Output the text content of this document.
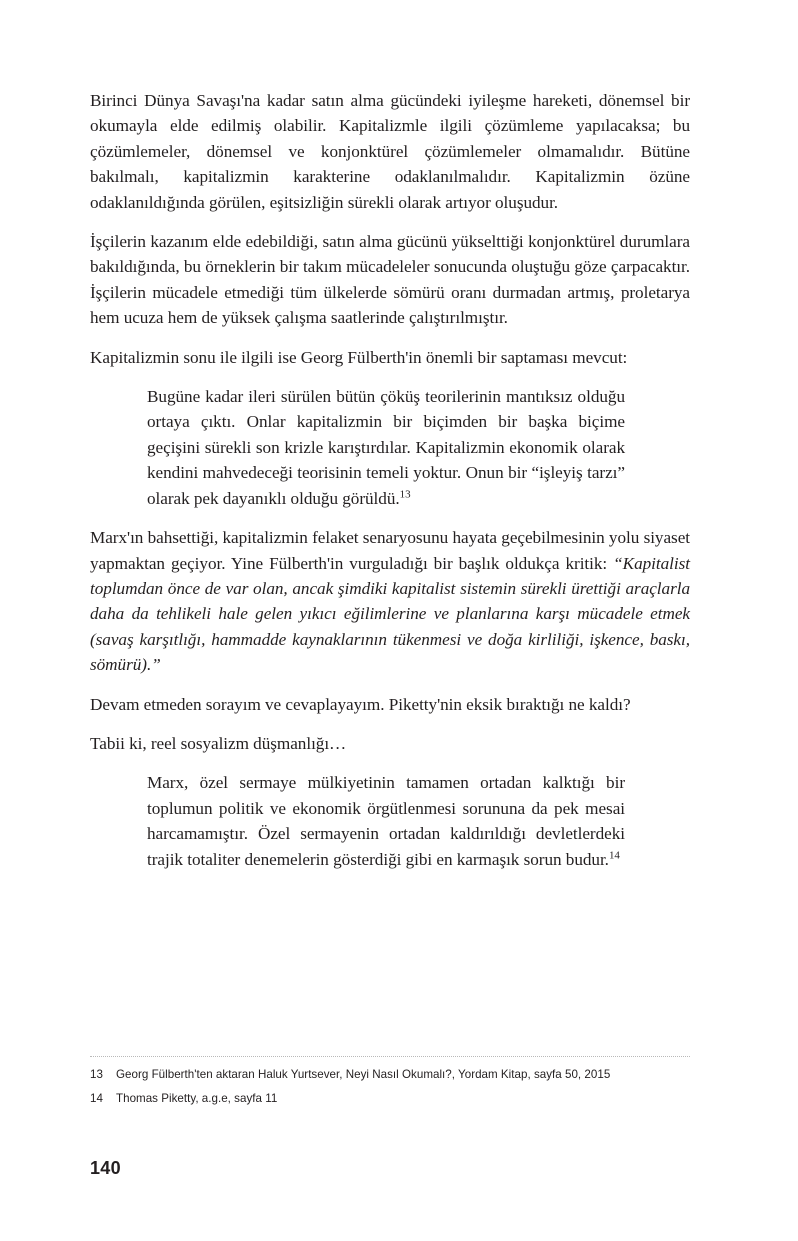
Birinci Dünya Savaşı'na kadar satın alma gücündeki iyileşme hareketi, dönemsel bir okumayla elde edilmiş olabilir. Kapitalizmle ilgili çözümleme yapılacaksa; bu çözümlemeler, dönemsel ve konjonktürel çözümlemeler olmamalıdır. Bütüne bakılmalı, kapitalizmin karakterine odaklanılmalıdır. Kapitalizmin özüne odaklanıldığında görülen, eşitsizliğin sürekli olarak artıyor oluşudur.

İşçilerin kazanım elde edebildiği, satın alma gücünü yükselttiği konjonktürel durumlara bakıldığında, bu örneklerin bir takım mücadeleler sonucunda oluştuğu göze çarpacaktır. İşçilerin mücadele etmediği tüm ülkelerde sömürü oranı durmadan artmış, proletarya hem ucuza hem de yüksek çalışma saatlerinde çalıştırılmıştır.

Kapitalizmin sonu ile ilgili ise Georg Fülberth'in önemli bir saptaması mevcut:

Bugüne kadar ileri sürülen bütün çöküş teorilerinin mantıksız olduğu ortaya çıktı. Onlar kapitalizmin bir biçimden bir başka biçime geçişini sürekli son krizle karıştırdılar. Kapitalizmin ekonomik olarak kendini mahvedeceği teorisinin temeli yoktur. Onun bir “işleyiş tarzı” olarak pek dayanıklı olduğu görüldü.$^{13}$

Marx'ın bahsettiği, kapitalizmin felaket senaryosunu hayata geçebilmesinin yolu siyaset yapmaktan geçiyor. Yine Fülberth'in vurguladığı bir başlık oldukça kritik: “Kapitalist toplumdan önce de var olan, ancak şimdiki kapitalist sistemin sürekli ürettiği araçlarla daha da tehlikeli hale gelen yıkıcı eğilimlerine ve planlarına karşı mücadele etmek (savaş karşıtlığı, hammadde kaynaklarının tükenmesi ve doğa kirliliği, işkence, baskı, sömürü).”

Devam etmeden sorayım ve cevaplayayım. Piketty'nin eksik bıraktığı ne kaldı?

Tabii ki, reel sosyalizm düşmanlığı…

Marx, özel sermaye mülkiyetinin tamamen ortadan kalktığı bir toplumun politik ve ekonomik örgütlenmesi sorununa da pek mesai harcamamıştır. Özel sermayenin ortadan kaldırıldığı devletlerdeki trajik totaliter denemelerin gösterdiği gibi en karmaşık sorun budur.$^{14}$

13 Georg Fülberth'ten aktaran Haluk Yurtsever, Neyi Nasıl Okumalı?, Yordam Kitap, sayfa 50, 2015

14 Thomas Piketty, a.g.e, sayfa 11

140
